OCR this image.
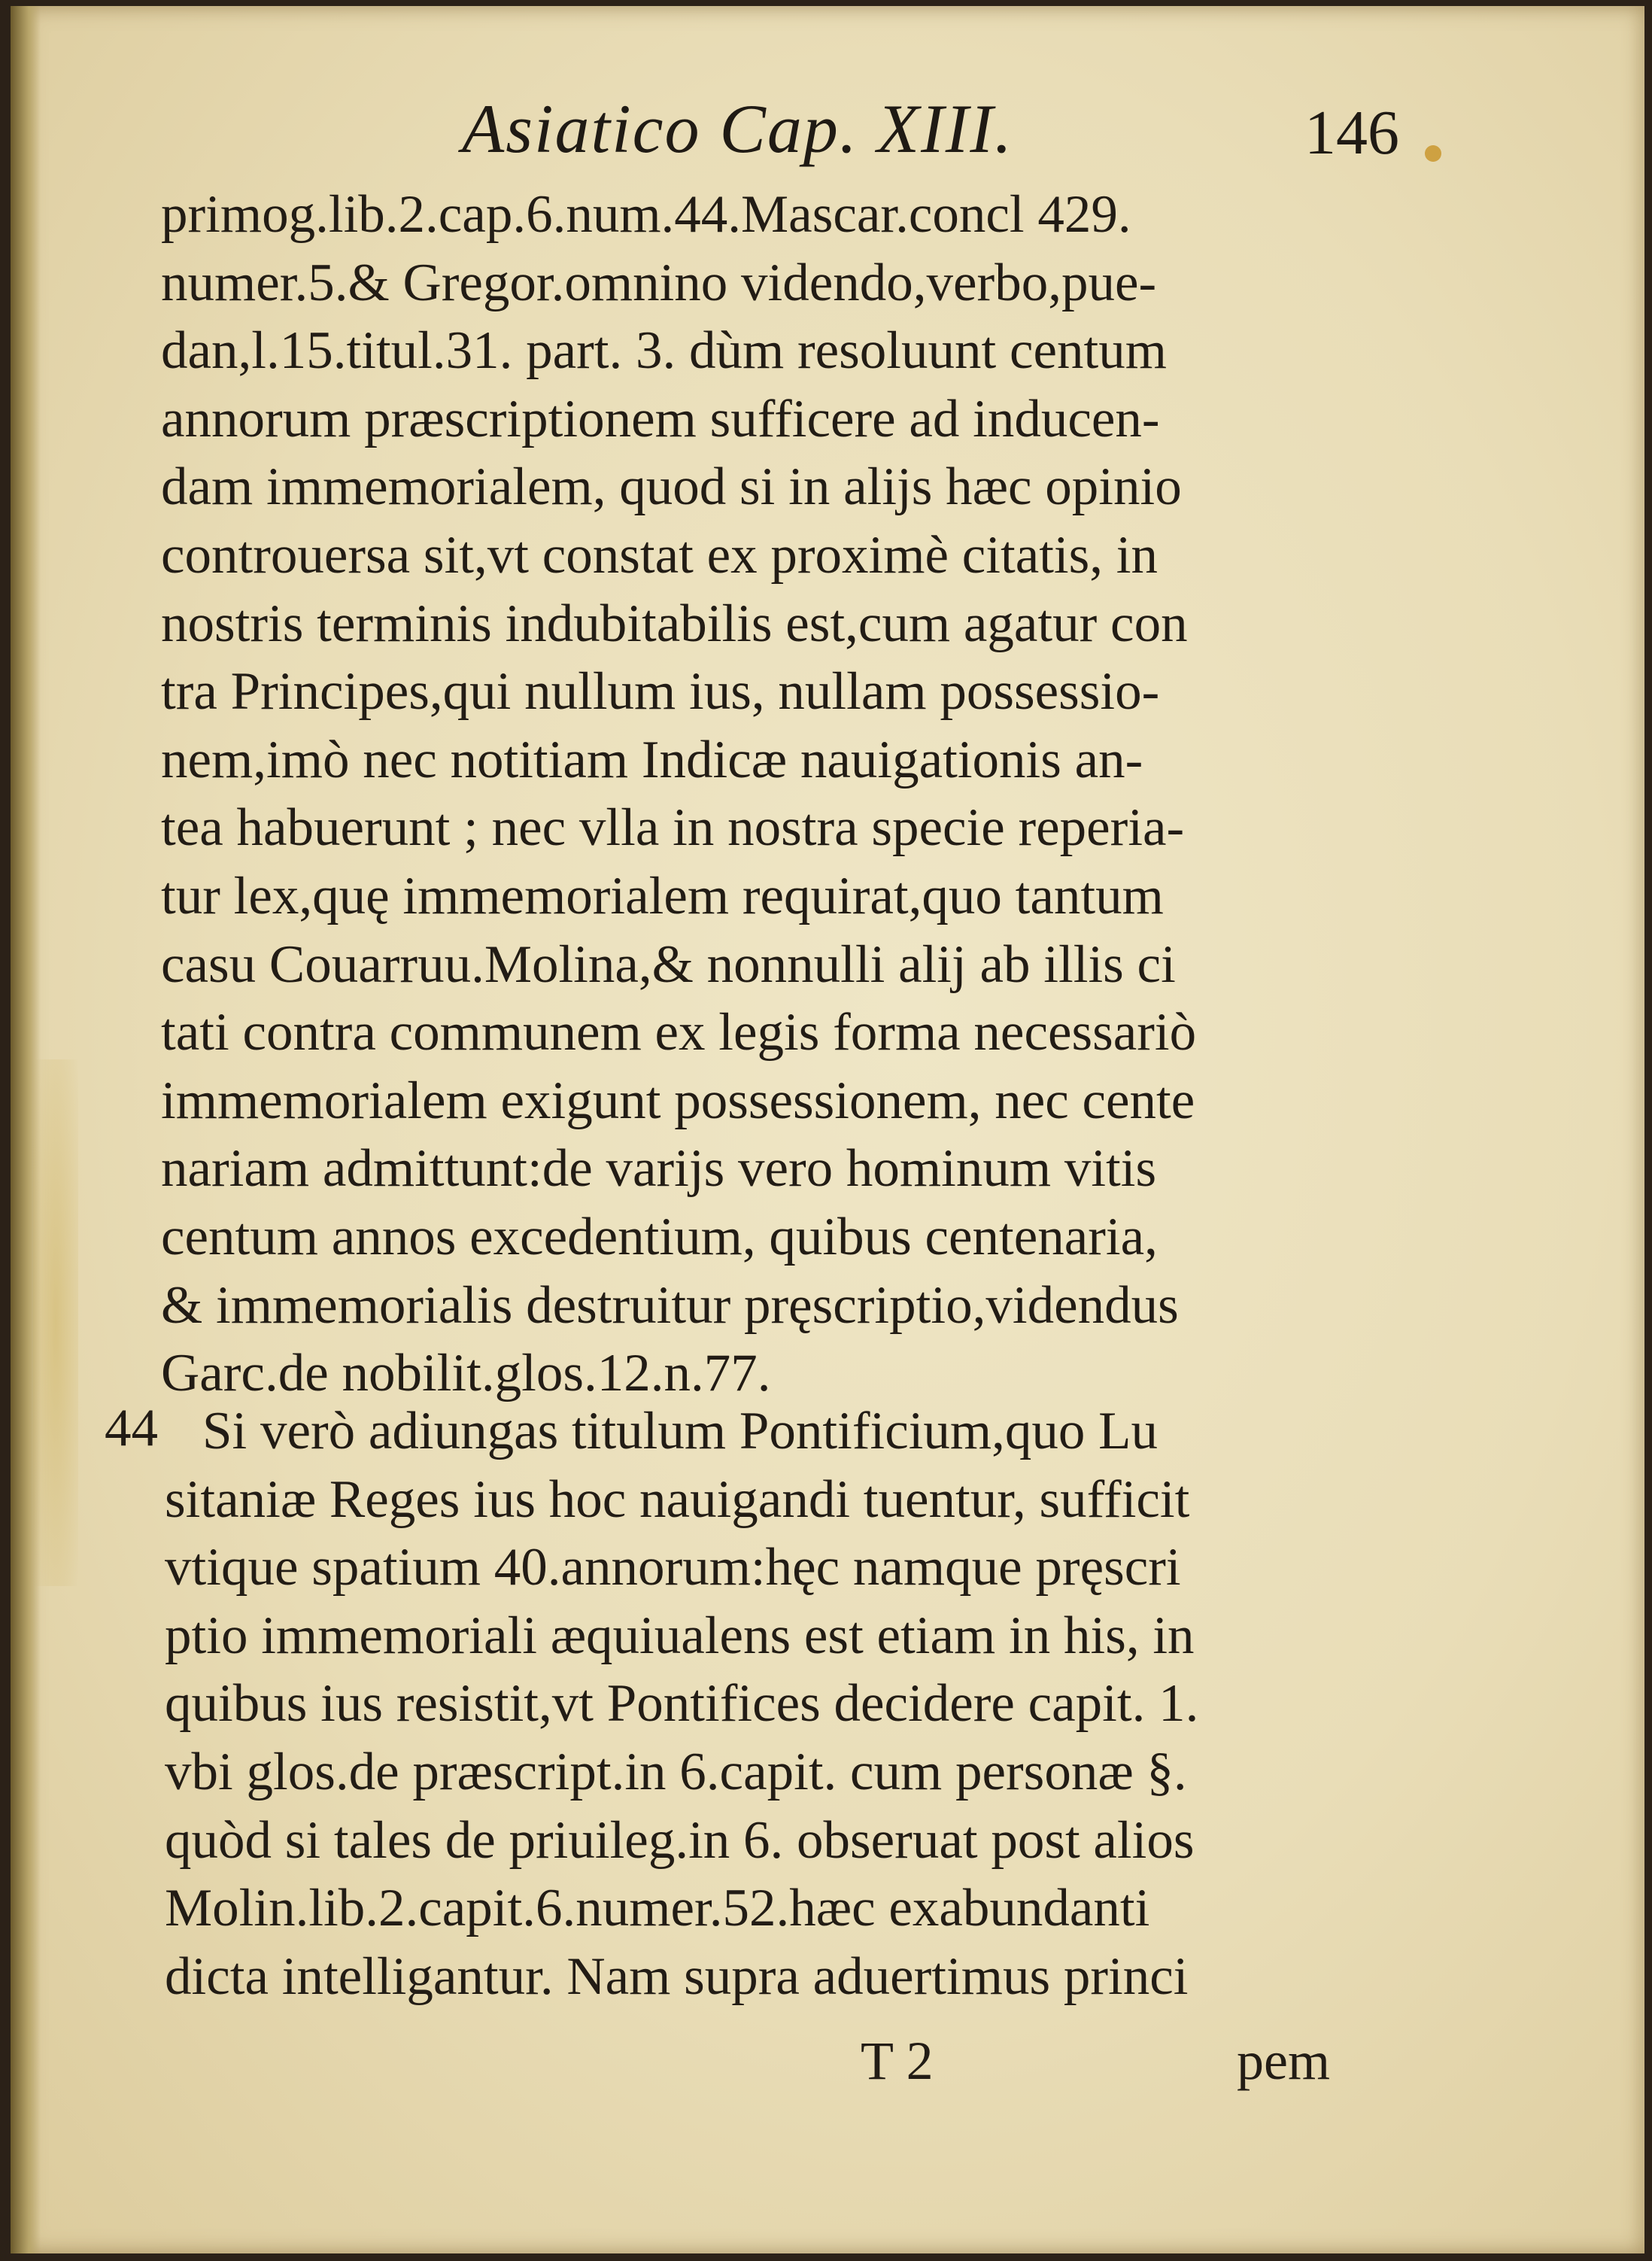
Asiatico Cap. XIII.	146
primog.lib.2.cap.6.num.44.Mascar.concl 429.
numer.5.& Gregor.omnino videndo,verbo,pue-
dan,l.15.titul.31. part. 3. dùm resoluunt centum
annorum præscriptionem sufficere ad inducen-
dam immemorialem, quod si in alijs hæc opinio
controuersa sit,vt constat ex proximè citatis, in
nostris terminis indubitabilis est,cum agatur con
tra Principes,qui nullum ius, nullam possessio-
nem,imò nec notitiam Indicæ nauigationis an-
tea habuerunt ; nec vlla in nostra specie reperia-
tur lex,quę immemorialem requirat,quo tantum
casu Couarruu.Molina,& nonnulli alij ab illis ci
tati contra communem ex legis forma necessariò
immemorialem exigunt possessionem, nec cente
nariam admittunt:de varijs vero hominum vitis
centum annos excedentium, quibus centenaria,
& immemorialis destruitur pręscriptio,videndus
Garc.de nobilit.glos.12.n.77.
44 Si verò adiungas titulum Pontificium,quo Lu
sitaniæ Reges ius hoc nauigandi tuentur, sufficit
vtique spatium 40.annorum:hęc namque pręscri
ptio immemoriali æquiualens est etiam in his, in
quibus ius resistit,vt Pontifices decidere capit. 1.
vbi glos.de præscript.in 6.capit. cum personæ §.
quòd si tales de priuileg.in 6. obseruat post alios
Molin.lib.2.capit.6.numer.52.hæc exabundanti
dicta intelligantur. Nam supra aduertimus princi
T 2	pem
